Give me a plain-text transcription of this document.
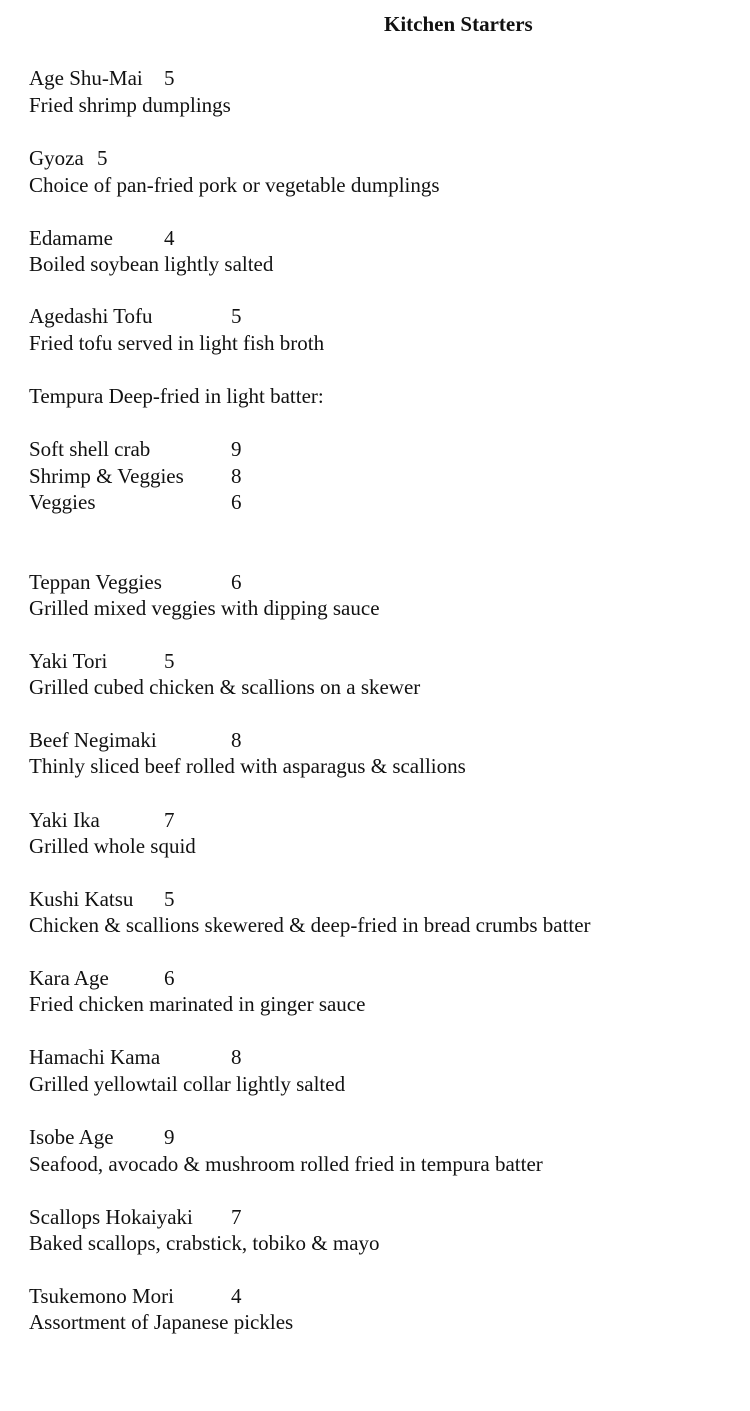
Kitchen Starters
Age Shu-Mai 5
Fried shrimp dumplings
Gyoza 5
Choice of pan-fried pork or vegetable dumplings
Edamame 4
Boiled soybean lightly salted
Agedashi Tofu	5
Fried tofu served in light fish broth
Tempura Deep-fried in light batter:
Soft shell crab	9
Shrimp & Veggies 8
Veggies	6
Teppan Veggies	6
Grilled mixed veggies with dipping sauce
Yaki Tori	5
Grilled cubed chicken & scallions on a skewer
Beef Negimaki	8
Thinly sliced beef rolled with asparagus & scallions
Yaki Ika	7
Grilled whole squid
Kushi Katsu 5
Chicken & scallions skewered & deep-fried in bread crumbs batter
Kara Age	6
Fried chicken marinated in ginger sauce
Hamachi Kama	8
Grilled yellowtail collar lightly salted
Isobe Age 9
Seafood, avocado & mushroom rolled fried in tempura batter
Scallops Hokaiyaki 7
Baked scallops, crabstick, tobiko & mayo
Tsukemono Mori	4
Assortment of Japanese pickles
